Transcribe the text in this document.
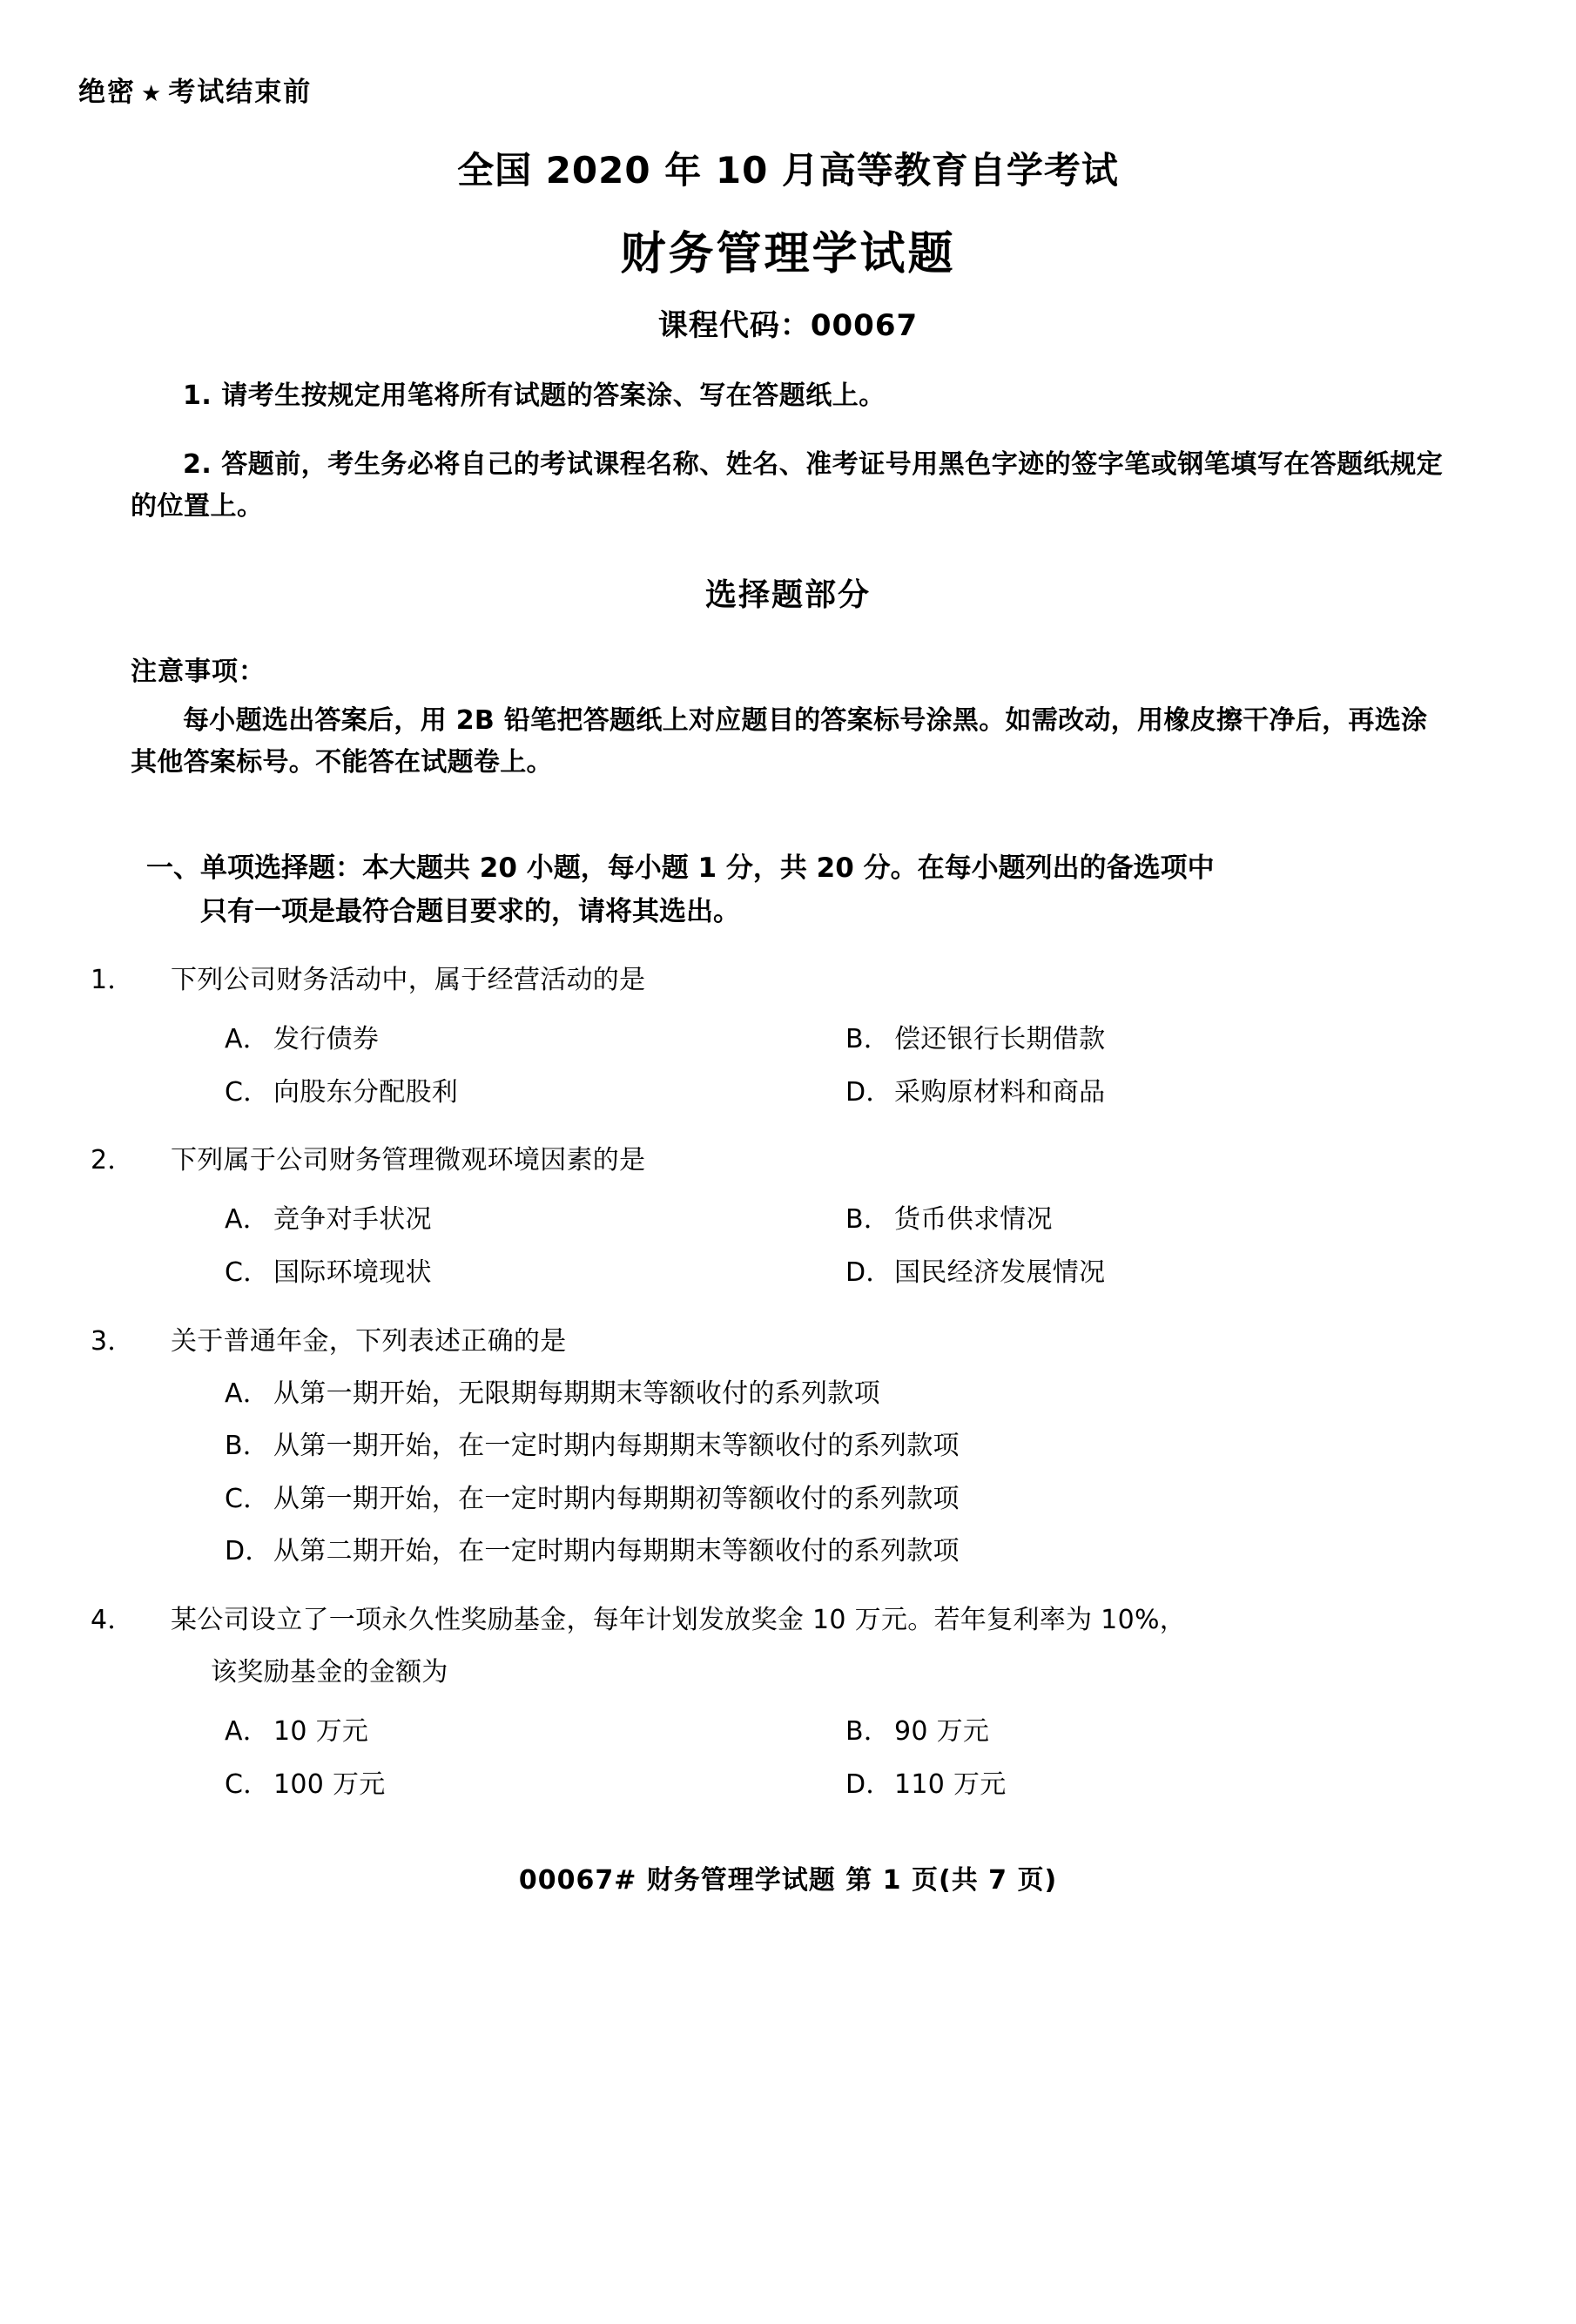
绝密 ★ 考试结束前
全国 2020 年 10 月高等教育自学考试
财务管理学试题
课程代码：00067
1. 请考生按规定用笔将所有试题的答案涂、写在答题纸上。
2. 答题前，考生务必将自己的考试课程名称、姓名、准考证号用黑色字迹的签字笔或钢笔填写在答题纸规定的位置上。
选择题部分
注意事项：
每小题选出答案后，用 2B 铅笔把答题纸上对应题目的答案标号涂黑。如需改动，用橡皮擦干净后，再选涂其他答案标号。不能答在试题卷上。
一、单项选择题：本大题共 20 小题，每小题 1 分，共 20 分。在每小题列出的备选项中
只有一项是最符合题目要求的，请将其选出。
1． 下列公司财务活动中，属于经营活动的是
A． 发行债券	B． 偿还银行长期借款
C． 向股东分配股利	D．采购原材料和商品
2． 下列属于公司财务管理微观环境因素的是
A． 竞争对手状况	B． 货币供求情况
C． 国际环境现状	D．国民经济发展情况
3． 关于普通年金，下列表述正确的是
A． 从第一期开始，无限期每期期末等额收付的系列款项
B． 从第一期开始，在一定时期内每期期末等额收付的系列款项
C． 从第一期开始，在一定时期内每期期初等额收付的系列款项
D．从第二期开始，在一定时期内每期期末等额收付的系列款项
4． 某公司设立了一项永久性奖励基金，每年计划发放奖金 10 万元。若年复利率为 10%，
该奖励基金的金额为
A． 10 万元	B． 90 万元
C． 100 万元	D．110 万元
00067# 财务管理学试题 第 1 页(共 7 页)
